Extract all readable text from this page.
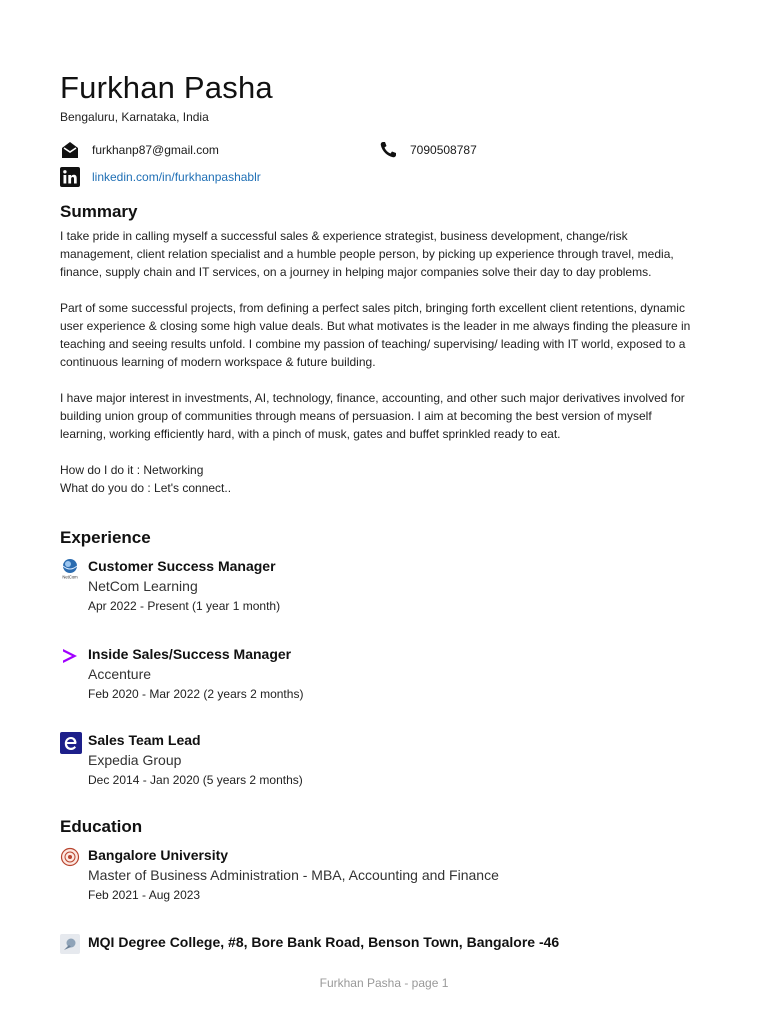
Furkhan Pasha
Bengaluru, Karnataka, India
furkhanp87@gmail.com	7090508787
linkedin.com/in/furkhanpashablr
Summary

I take pride in calling myself a successful sales & experience strategist, business development, change/risk management, client relation specialist and a humble people person, by picking up experience through travel, media, finance, supply chain and IT services, on a journey in helping major companies solve their day to day problems.

Part of some successful projects, from defining a perfect sales pitch, bringing forth excellent client retentions, dynamic user experience & closing some high value deals. But what motivates is the leader in me always finding the pleasure in teaching and seeing results unfold. I combine my passion of teaching/ supervising/ leading with IT world, exposed to a continuous learning of modern workspace & future building.

I have major interest in investments, AI, technology, finance, accounting, and other such major derivatives involved for building union group of communities through means of persuasion. I aim at becoming the best version of myself learning, working efficiently hard, with a pinch of musk, gates and buffet sprinkled ready to eat.

How do I do it : Networking

What do you do : Let's connect..

Experience
NetCom
Customer Success Manager
NetCom Learning
Apr 2022 - Present (1 year 1 month)
Inside Sales/Success Manager
Accenture
Feb 2020 - Mar 2022 (2 years 2 months)
Sales Team Lead
Expedia Group
Dec 2014 - Jan 2020 (5 years 2 months)
Education
Bangalore University
Master of Business Administration - MBA, Accounting and Finance
Feb 2021 - Aug 2023
MQI Degree College, #8, Bore Bank Road, Benson Town, Bangalore -46
Furkhan Pasha - page 1
